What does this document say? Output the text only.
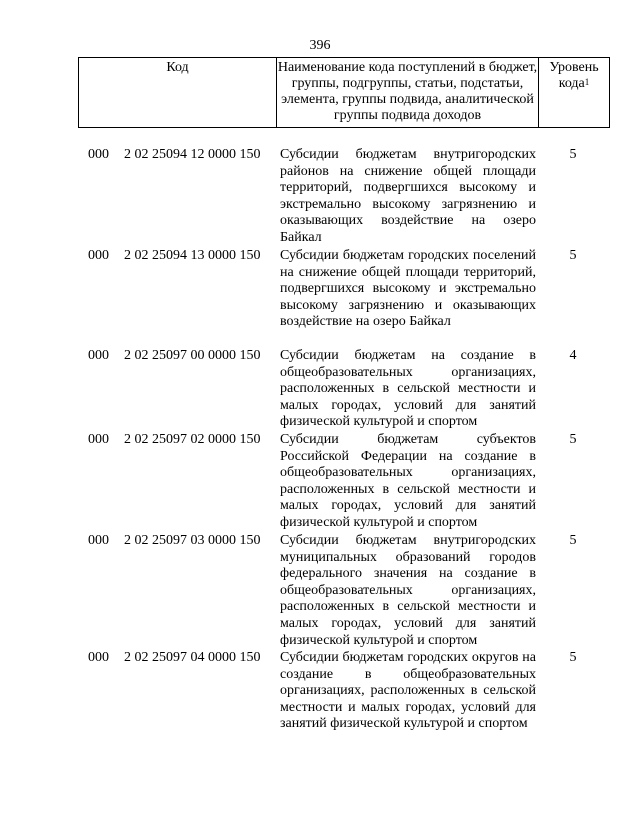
396
Код	Наименование кода поступлений в бюджет, группы, подгруппы, статьи, подстатьи, элемента, группы подвида, аналитической группы подвида доходов
Уровень кода$^1$
000 2 02 25094 12 0000 150 Субсидии бюджетам внутригородских районов на снижение общей площади территорий, подвергшихся высокому и экстремально высокому загрязнению и оказывающих воздействие на озеро Байкал
5
000 2 02 25094 13 0000 150 Субсидии бюджетам городских поселений на снижение общей площади территорий, подвергшихся высокому и экстремально высокому загрязнению и оказывающих воздействие на озеро Байкал
5
000 2 02 25097 00 0000 150 Субсидии бюджетам на создание в общеобразовательных организациях, расположенных в сельской местности и малых городах, условий для занятий физической культурой и спортом
4
000 2 02 25097 02 0000 150 Субсидии бюджетам субъектов Российской Федерации на создание в общеобразовательных организациях, расположенных в сельской местности и малых городах, условий для занятий физической культурой и спортом
5
000 2 02 25097 03 0000 150 Субсидии бюджетам внутригородских муниципальных образований городов федерального значения на создание в общеобразовательных организациях, расположенных в сельской местности и малых городах, условий для занятий физической культурой и спортом
5
000 2 02 25097 04 0000 150 Субсидии бюджетам городских округов на создание в общеобразовательных организациях, расположенных в сельской местности и малых городах, условий для занятий физической культурой и спортом
5
